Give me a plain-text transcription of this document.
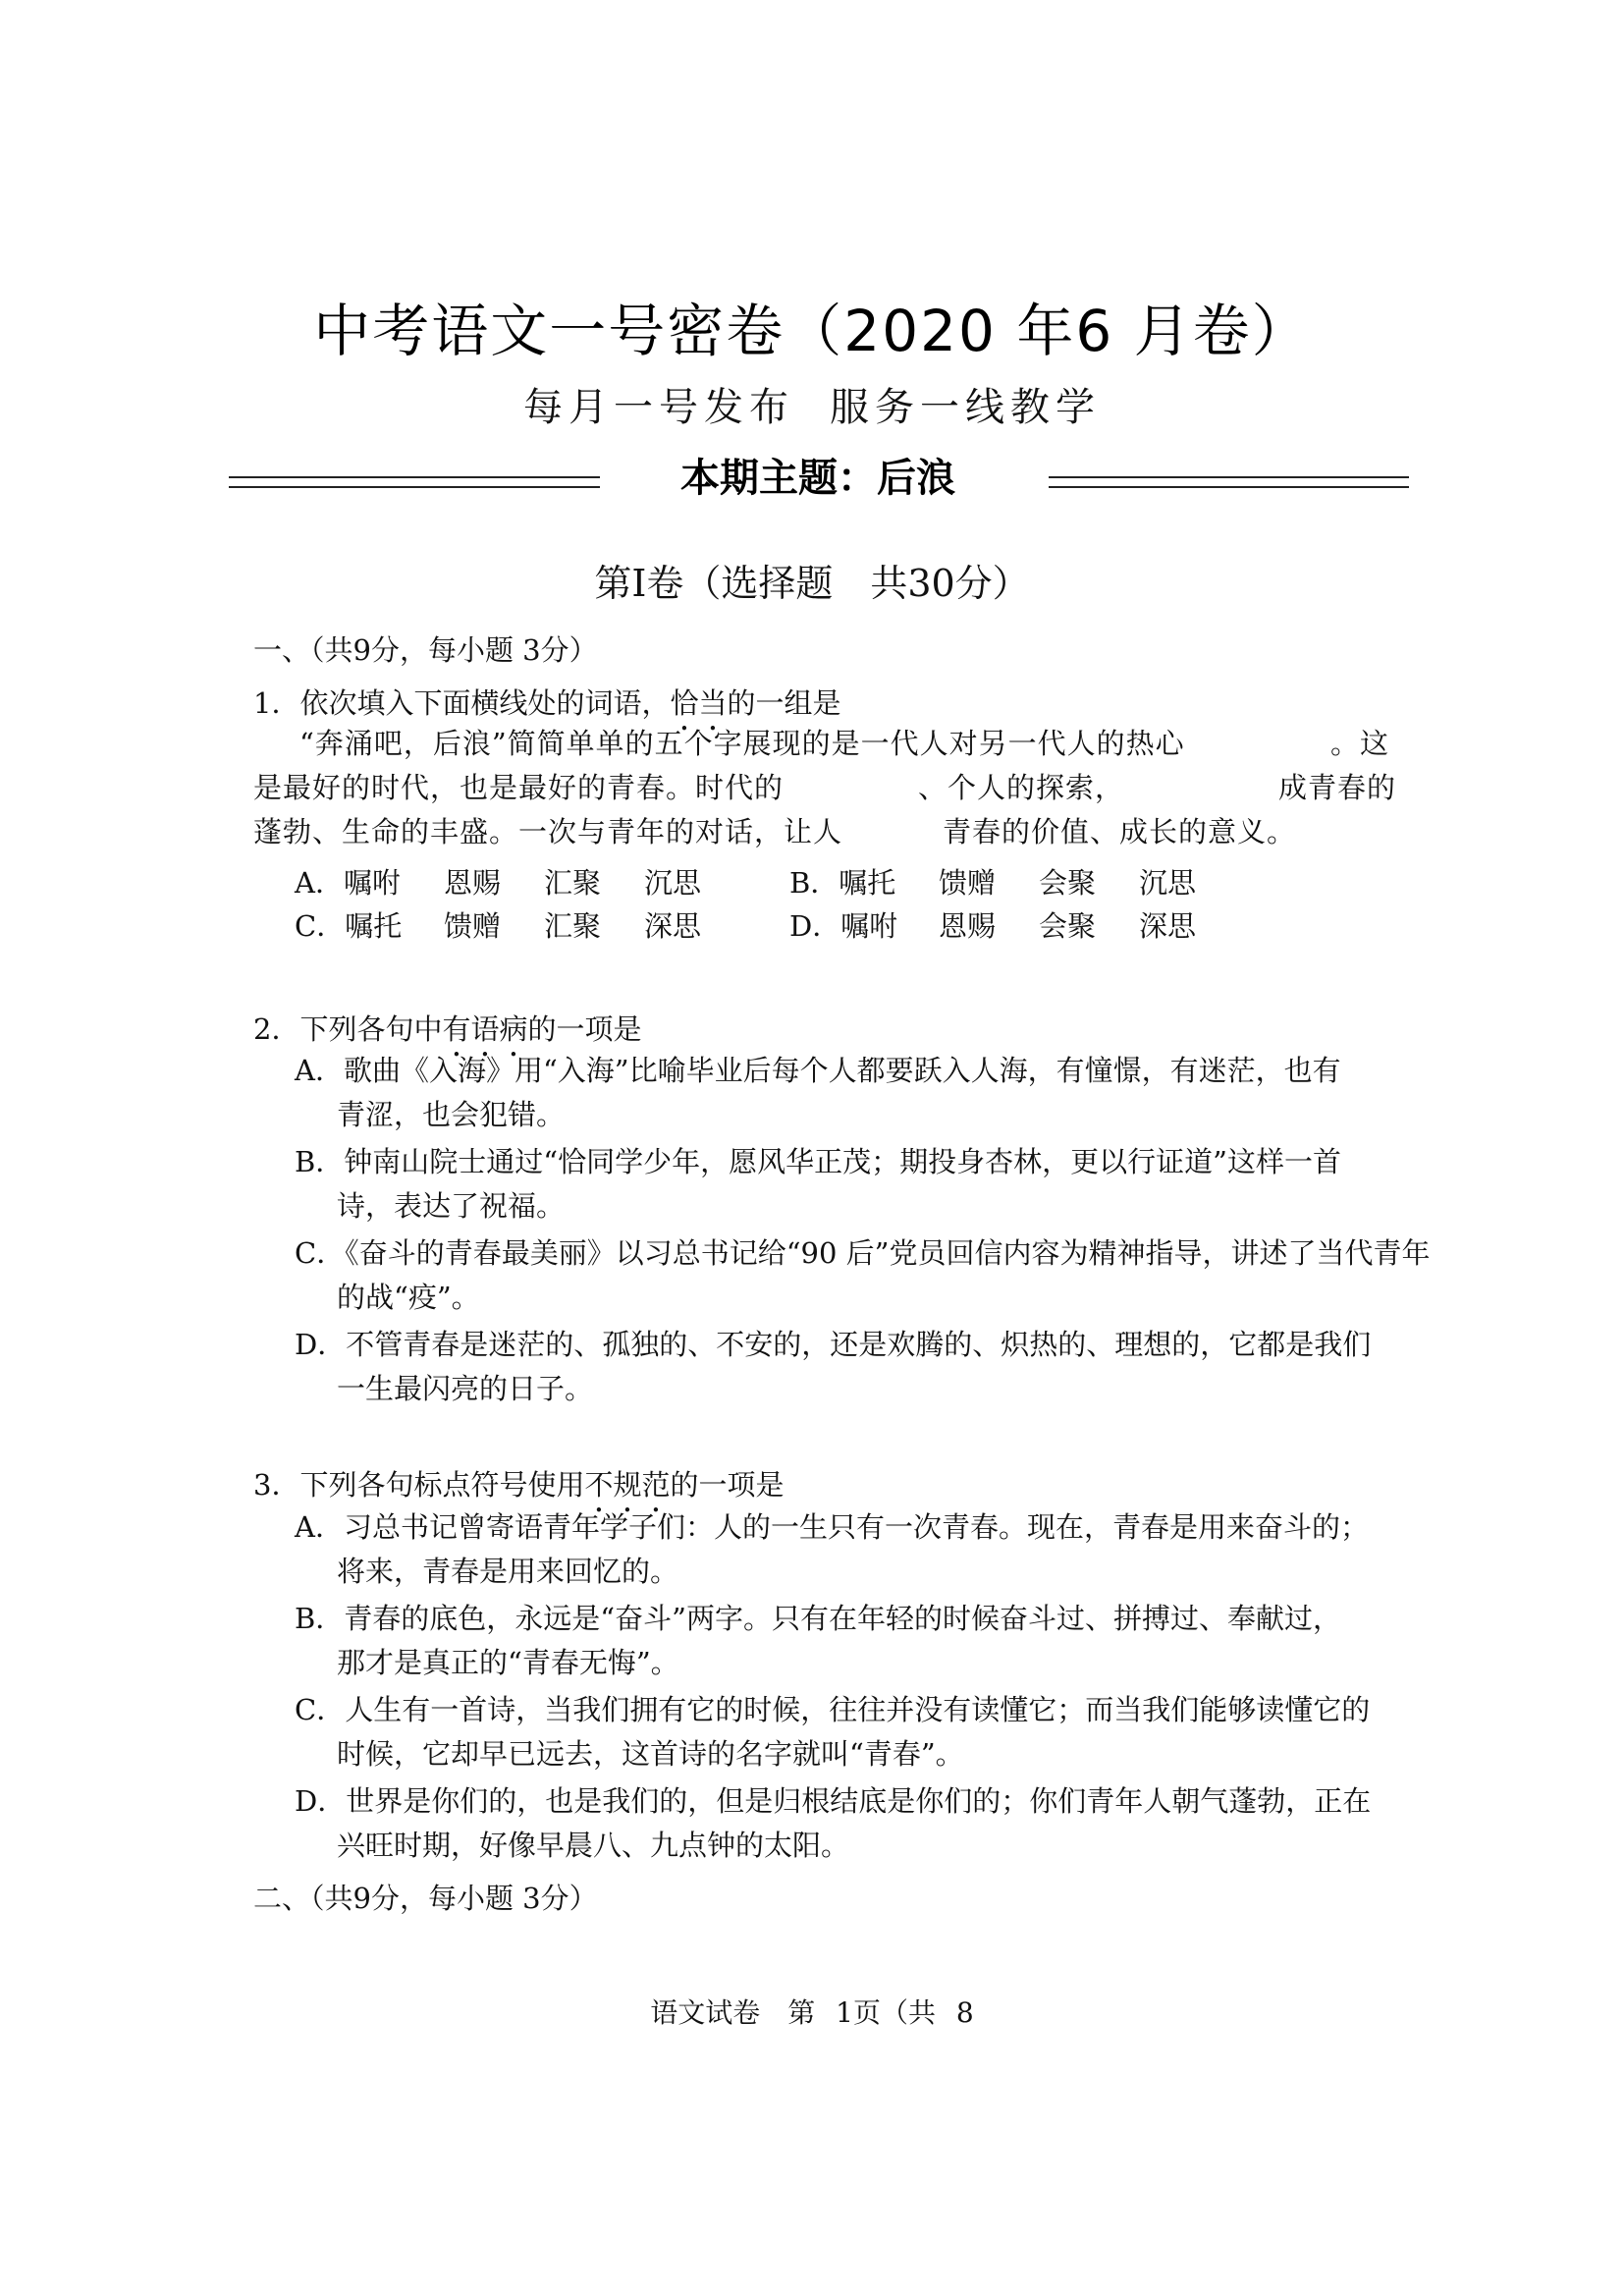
中考语文一号密卷（2020 年6 月卷）
每月一号发布 服务一线教学
本期主题：后浪
第Ⅰ卷（选择题　共30分）
一、（共9分，每小题 3分）
1．依次填入下面横线处的词语，恰当的一组是
“奔涌吧，后浪”简简单单的五个字展现的是一代人对另一代人的热心	。这
是最好的时代，也是最好的青春。时代的	、个人的探索，	成青春的
蓬勃、生命的丰盛。一次与青年的对话，让人	青春的价值、成长的意义。
A．嘱咐 恩赐 汇聚 沉思	B．嘱托 馈赠 会聚 沉思
C．嘱托 馈赠 汇聚 深思	D．嘱咐 恩赐 会聚 深思
2．下列各句中有语病的一项是
A．歌曲《入海》用“入海”比喻毕业后每个人都要跃入人海，有憧憬，有迷茫，也有
青涩，也会犯错。
B．钟南山院士通过“恰同学少年，愿风华正茂；期投身杏林，更以行证道”这样一首
诗，表达了祝福。
C．《奋斗的青春最美丽》以习总书记给“90 后”党员回信内容为精神指导，讲述了当代青年
的战“疫”。
D．不管青春是迷茫的、孤独的、不安的，还是欢腾的、炽热的、理想的，它都是我们
一生最闪亮的日子。
3．下列各句标点符号使用不规范的一项是
A．习总书记曾寄语青年学子们：人的一生只有一次青春。现在，青春是用来奋斗的；
将来，青春是用来回忆的。
B．青春的底色，永远是“奋斗”两字。只有在年轻的时候奋斗过、拼搏过、奉献过，
那才是真正的“青春无悔”。
C．人生有一首诗，当我们拥有它的时候，往往并没有读懂它；而当我们能够读懂它的
时候，它却早已远去，这首诗的名字就叫“青春”。
D．世界是你们的，也是我们的，但是归根结底是你们的；你们青年人朝气蓬勃，正在
兴旺时期，好像早晨八、九点钟的太阳。
二、（共9分，每小题 3分）
语文试卷　第 1页（共 8
